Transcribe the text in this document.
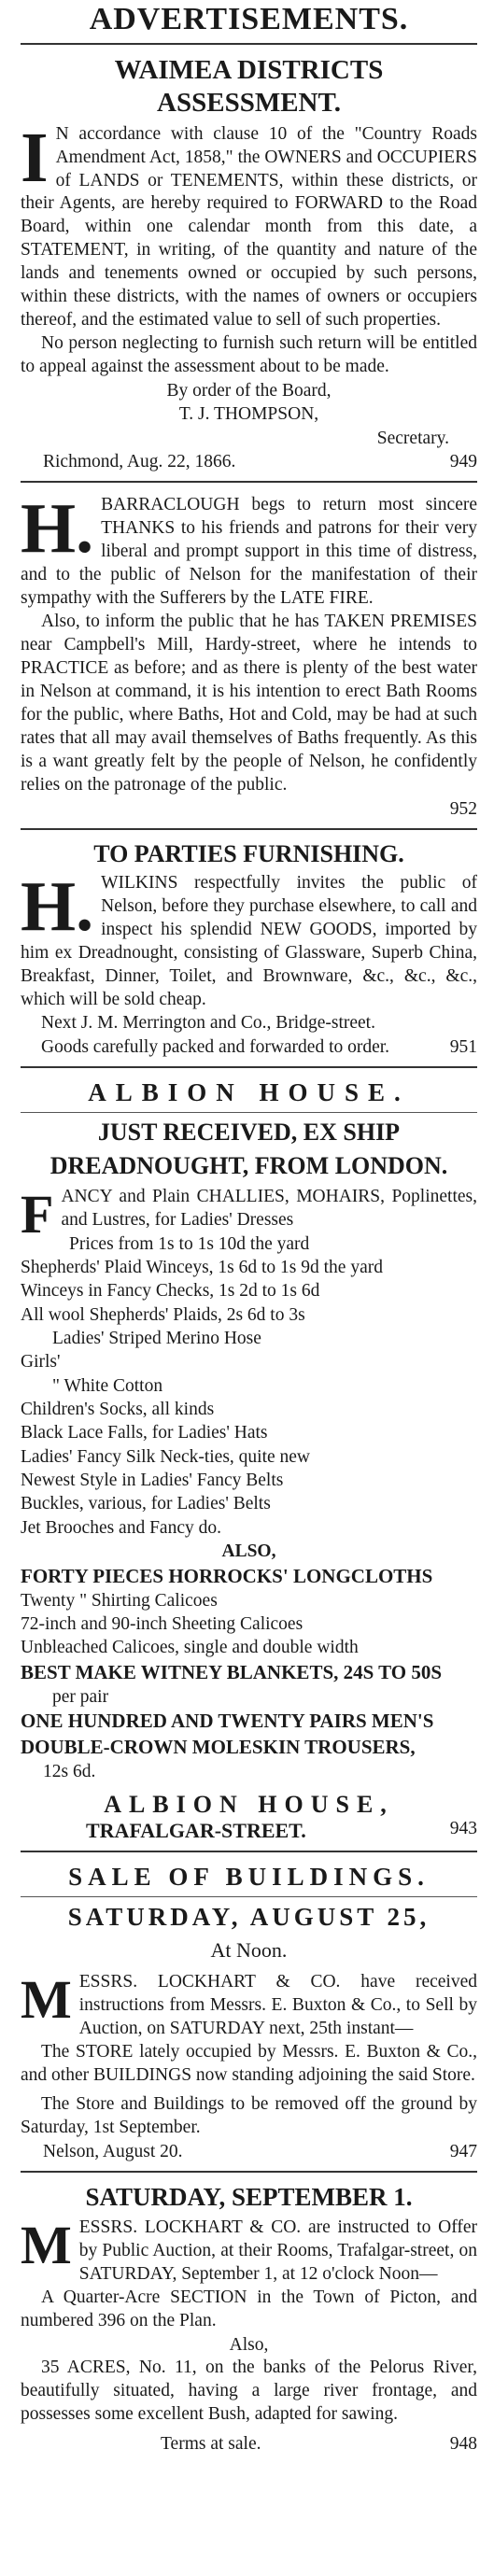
ADVERTISEMENTS.
WAIMEA DISTRICTS ASSESSMENT.

I N accordance with clause 10 of the "Country Roads Amendment Act, 1858," the OWNERS and OCCUPIERS of LANDS or TENEMENTS, within these districts, or their Agents, are hereby required to FORWARD to the Road Board, within one calendar month from this date, a STATEMENT, in writing, of the quantity and nature of the lands and tenements owned or occupied by such persons, within these districts, with the names of owners or occupiers thereof, and the estimated value to sell of such properties.

No person neglecting to furnish such return will be entitled to appeal against the assessment about to be made.

By order of the Board,
T. J. THOMPSON,
Secretary.
Richmond, Aug. 22, 1866.	949

H. BARRACLOUGH begs to return most sincere THANKS to his friends and patrons for their very liberal and prompt support in this time of distress, and to the public of Nelson for the manifestation of their sympathy with the Sufferers by the LATE FIRE.

Also, to inform the public that he has TAKEN PREMISES near Campbell's Mill, Hardy-street, where he intends to PRACTICE as before; and as there is plenty of the best water in Nelson at command, it is his intention to erect Bath Rooms for the public, where Baths, Hot and Cold, may be had at such rates that all may avail themselves of Baths frequently. As this is a want greatly felt by the people of Nelson, he confidently relies on the patronage of the public.

952
TO PARTIES FURNISHING.

H. WILKINS respectfully invites the public of Nelson, before they purchase elsewhere, to call and inspect his splendid NEW GOODS, imported by him ex Dreadnought, consisting of Glassware, Superb China, Breakfast, Dinner, Toilet, and Brownware, &c., &c., &c., which will be sold cheap.

Next J. M. Merrington and Co., Bridge-street.

Goods carefully packed and forwarded to order.	951
ALBION HOUSE.
JUST RECEIVED, EX SHIP
DREADNOUGHT, FROM LONDON.

FANCY and Plain CHALLIES, MOHAIRS, Poplinettes, and Lustres, for Ladies' Dresses

Prices from 1s to 1s 10d the yard
Shepherds' Plaid Winceys, 1s 6d to 1s 9d the yard
Winceys in Fancy Checks, 1s 2d to 1s 6d
All wool Shepherds' Plaids, 2s 6d to 3s
Ladies' Striped Merino Hose
Girls'
" White Cotton
Children's Socks, all kinds
Black Lace Falls, for Ladies' Hats
Ladies' Fancy Silk Neck-ties, quite new
Newest Style in Ladies' Fancy Belts
Buckles, various, for Ladies' Belts
Jet Brooches and Fancy do.
ALSO,
FORTY PIECES HORROCKS' LONGCLOTHS
Twenty " Shirting Calicoes
72-inch and 90-inch Sheeting Calicoes
Unbleached Calicoes, single and double width
BEST MAKE WITNEY BLANKETS, 24S TO 50S
per pair
ONE HUNDRED AND TWENTY PAIRS MEN'S
DOUBLE-CROWN MOLESKIN TROUSERS,
12s 6d.
ALBION HOUSE,
TRAFALGAR-STREET.	943
SALE OF BUILDINGS.
SATURDAY, AUGUST 25,
At Noon.

MESSRS. LOCKHART & CO. have received instructions from Messrs. E. Buxton & Co., to Sell by Auction, on SATURDAY next, 25th instant—

The STORE lately occupied by Messrs. E. Buxton & Co., and other BUILDINGS now standing adjoining the said Store.

The Store and Buildings to be removed off the ground by Saturday, 1st September.

Nelson, August 20.	947
SATURDAY, SEPTEMBER 1.

MESSRS. LOCKHART & CO. are instructed to Offer by Public Auction, at their Rooms, Trafalgar-street, on SATURDAY, September 1, at 12 o'clock Noon—

A Quarter-Acre SECTION in the Town of Picton, and numbered 396 on the Plan.

Also,

35 ACRES, No. 11, on the banks of the Pelorus River, beautifully situated, having a large river frontage, and possesses some excellent Bush, adapted for sawing.

Terms at sale.	948
